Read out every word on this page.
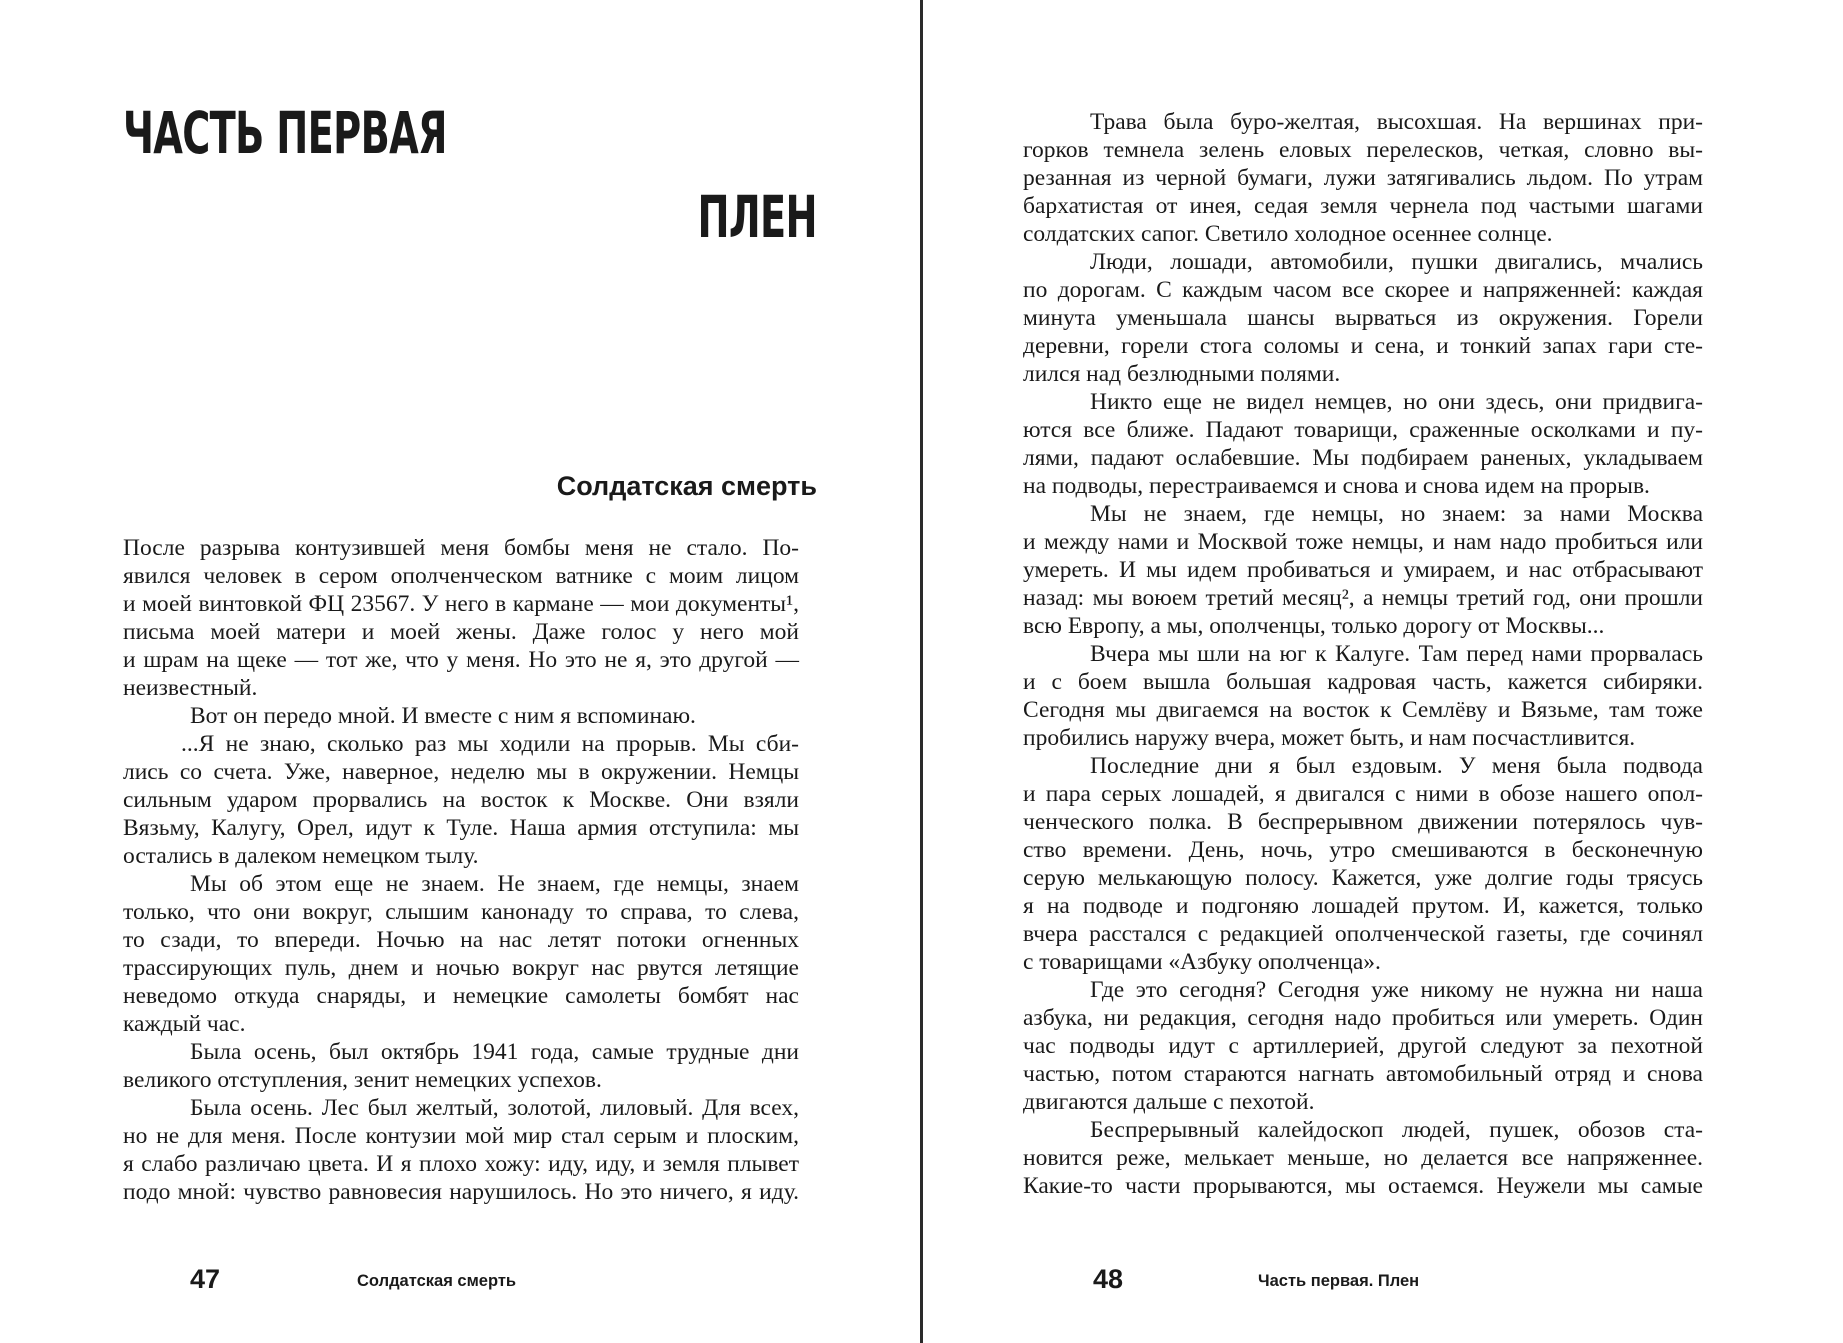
ЧАСТЬ ПЕРВАЯ
ПЛЕН
Солдатская смерть
После разрыва контузившей меня бомбы меня не стало. По-
явился человек в сером ополченческом ватнике с моим лицом
и моей винтовкой ФЦ 23567. У него в кармане — мои документы¹,
письма моей матери и моей жены. Даже голос у него мой
и шрам на щеке — тот же, что у меня. Но это не я, это другой —
неизвестный.
Вот он передо мной. И вместе с ним я вспоминаю.
...Я не знаю, сколько раз мы ходили на прорыв. Мы сби-
лись со счета. Уже, наверное, неделю мы в окружении. Немцы
сильным ударом прорвались на восток к Москве. Они взяли
Вязьму, Калугу, Орел, идут к Туле. Наша армия отступила: мы
остались в далеком немецком тылу.
Мы об этом еще не знаем. Не знаем, где немцы, знаем
только, что они вокруг, слышим канонаду то справа, то слева,
то сзади, то впереди. Ночью на нас летят потоки огненных
трассирующих пуль, днем и ночью вокруг нас рвутся летящие
неведомо откуда снаряды, и немецкие самолеты бомбят нас
каждый час.
Была осень, был октябрь 1941 года, самые трудные дни
великого отступления, зенит немецких успехов.
Была осень. Лес был желтый, золотой, лиловый. Для всех,
но не для меня. После контузии мой мир стал серым и плоским,
я слабо различаю цвета. И я плохо хожу: иду, иду, и земля плывет
подо мной: чувство равновесия нарушилось. Но это ничего, я иду.
47	Солдатская смерть
Трава была буро-желтая, высохшая. На вершинах при-
горков темнела зелень еловых перелесков, четкая, словно вы-
резанная из черной бумаги, лужи затягивались льдом. По утрам
бархатистая от инея, седая земля чернела под частыми шагами
солдатских сапог. Светило холодное осеннее солнце.
Люди, лошади, автомобили, пушки двигались, мчались
по дорогам. С каждым часом все скорее и напряженней: каждая
минута уменьшала шансы вырваться из окружения. Горели
деревни, горели стога соломы и сена, и тонкий запах гари сте-
лился над безлюдными полями.
Никто еще не видел немцев, но они здесь, они придвига-
ются все ближе. Падают товарищи, сраженные осколками и пу-
лями, падают ослабевшие. Мы подбираем раненых, укладываем
на подводы, перестраиваемся и снова и снова идем на прорыв.
Мы не знаем, где немцы, но знаем: за нами Москва
и между нами и Москвой тоже немцы, и нам надо пробиться или
умереть. И мы идем пробиваться и умираем, и нас отбрасывают
назад: мы воюем третий месяц², а немцы третий год, они прошли
всю Европу, а мы, ополченцы, только дорогу от Москвы...
Вчера мы шли на юг к Калуге. Там перед нами прорвалась
и с боем вышла большая кадровая часть, кажется сибиряки.
Сегодня мы двигаемся на восток к Семлёву и Вязьме, там тоже
пробились наружу вчера, может быть, и нам посчастливится.
Последние дни я был ездовым. У меня была подвода
и пара серых лошадей, я двигался с ними в обозе нашего опол-
ченческого полка. В беспрерывном движении потерялось чув-
ство времени. День, ночь, утро смешиваются в бесконечную
серую мелькающую полосу. Кажется, уже долгие годы трясусь
я на подводе и подгоняю лошадей прутом. И, кажется, только
вчера расстался с редакцией ополченческой газеты, где сочинял
с товарищами «Азбуку ополченца».
Где это сегодня? Сегодня уже никому не нужна ни наша
азбука, ни редакция, сегодня надо пробиться или умереть. Один
час подводы идут с артиллерией, другой следуют за пехотной
частью, потом стараются нагнать автомобильный отряд и снова
двигаются дальше с пехотой.
Беспрерывный калейдоскоп людей, пушек, обозов ста-
новится реже, мелькает меньше, но делается все напряженнее.
Какие-то части прорываются, мы остаемся. Неужели мы самые
48	Часть первая. Плен
